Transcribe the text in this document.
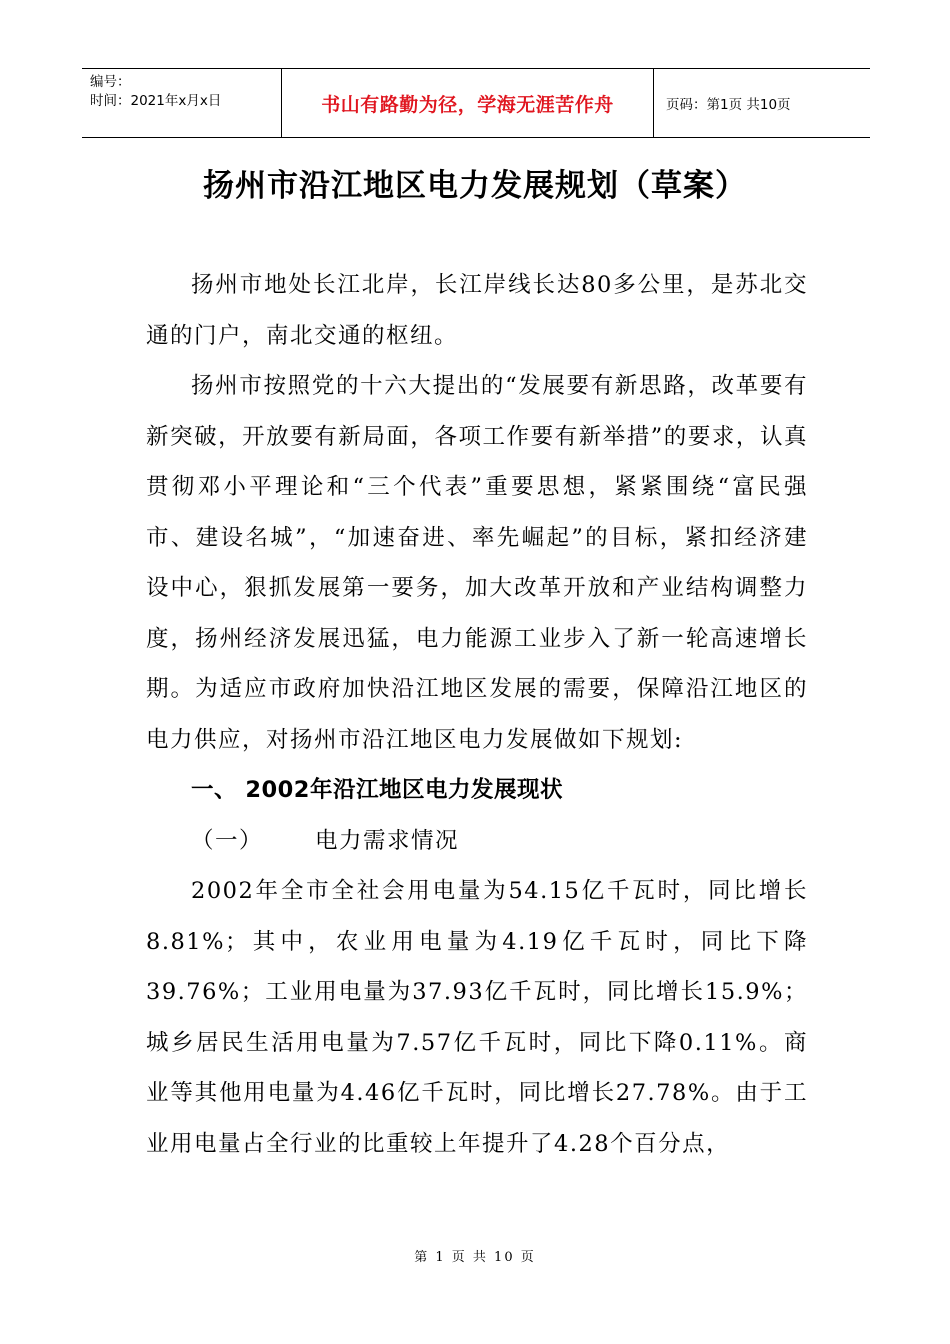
编号：
时间：2021年x月x日	书山有路勤为径，学海无涯苦作舟	页码：第1页 共10页
扬州市沿江地区电力发展规划（草案）

扬州市地处长江北岸，长江岸线长达80多公里，是苏北交通的门户，南北交通的枢纽。

扬州市按照党的十六大提出的“发展要有新思路，改革要有新突破，开放要有新局面，各项工作要有新举措”的要求，认真贯彻邓小平理论和“三个代表”重要思想，紧紧围绕“富民强市、建设名城”，“加速奋进、率先崛起”的目标，紧扣经济建设中心，狠抓发展第一要务，加大改革开放和产业结构调整力度，扬州经济发展迅猛，电力能源工业步入了新一轮高速增长期。为适应市政府加快沿江地区发展的需要，保障沿江地区的电力供应，对扬州市沿江地区电力发展做如下规划:

一、 2002年沿江地区电力发展现状

（一） 电力需求情况

2002年全市全社会用电量为54.15亿千瓦时，同比增长8.81%；其中，农业用电量为4.19亿千瓦时，同比下降39.76%；工业用电量为37.93亿千瓦时，同比增长15.9%；城乡居民生活用电量为7.57亿千瓦时，同比下降0.11%。商业等其他用电量为4.46亿千瓦时，同比增长27.78%。由于工业用电量占全行业的比重较上年提升了4.28个百分点，

第 1 页 共 10 页
